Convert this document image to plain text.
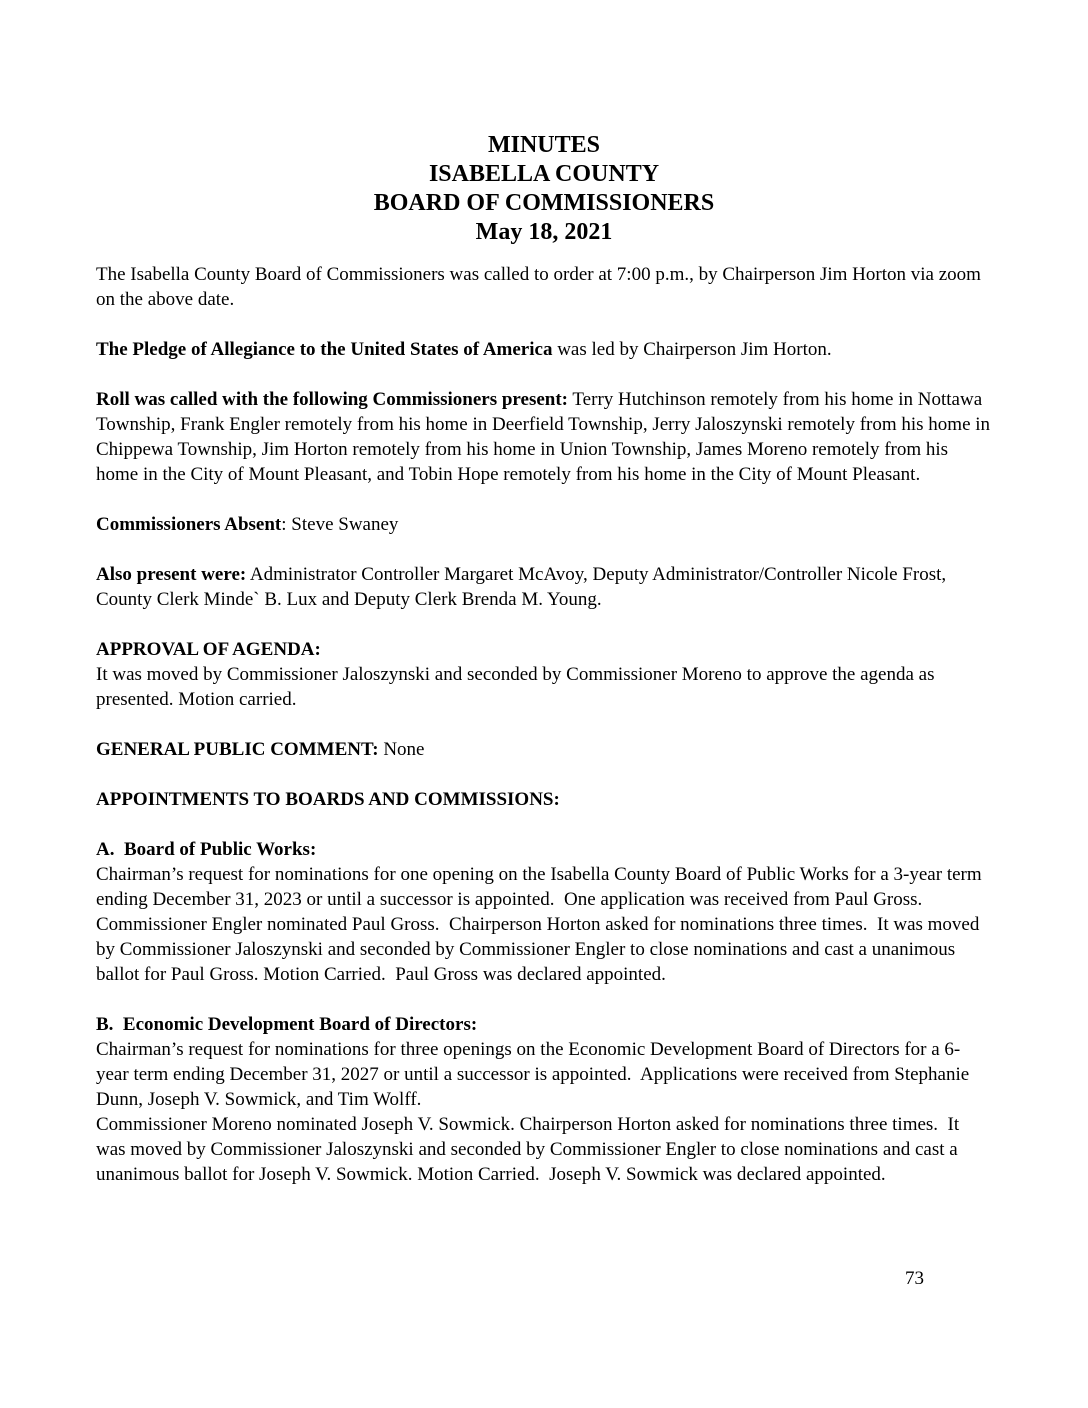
MINUTES
ISABELLA COUNTY
BOARD OF COMMISSIONERS
May 18, 2021

The Isabella County Board of Commissioners was called to order at 7:00 p.m., by Chairperson Jim Horton via zoom on the above date.

The Pledge of Allegiance to the United States of America was led by Chairperson Jim Horton.

Roll was called with the following Commissioners present: Terry Hutchinson remotely from his home in Nottawa Township, Frank Engler remotely from his home in Deerfield Township, Jerry Jaloszynski remotely from his home in Chippewa Township, Jim Horton remotely from his home in Union Township, James Moreno remotely from his home in the City of Mount Pleasant, and Tobin Hope remotely from his home in the City of Mount Pleasant.

Commissioners Absent: Steve Swaney

Also present were: Administrator Controller Margaret McAvoy, Deputy Administrator/Controller Nicole Frost, County Clerk Minde` B. Lux and Deputy Clerk Brenda M. Young.

APPROVAL OF AGENDA:
It was moved by Commissioner Jaloszynski and seconded by Commissioner Moreno to approve the agenda as presented. Motion carried.

GENERAL PUBLIC COMMENT: None

APPOINTMENTS TO BOARDS AND COMMISSIONS:

A.  Board of Public Works:
Chairman’s request for nominations for one opening on the Isabella County Board of Public Works for a 3-year term ending December 31, 2023 or until a successor is appointed.  One application was received from Paul Gross.  Commissioner Engler nominated Paul Gross.  Chairperson Horton asked for nominations three times.  It was moved by Commissioner Jaloszynski and seconded by Commissioner Engler to close nominations and cast a unanimous ballot for Paul Gross. Motion Carried.  Paul Gross was declared appointed.
B.  Economic Development Board of Directors:
Chairman’s request for nominations for three openings on the Economic Development Board of Directors for a 6-year term ending December 31, 2027 or until a successor is appointed.  Applications were received from Stephanie Dunn, Joseph V. Sowmick, and Tim Wolff.
Commissioner Moreno nominated Joseph V. Sowmick. Chairperson Horton asked for nominations three times.  It was moved by Commissioner Jaloszynski and seconded by Commissioner Engler to close nominations and cast a unanimous ballot for Joseph V. Sowmick. Motion Carried.  Joseph V. Sowmick was declared appointed.
73
